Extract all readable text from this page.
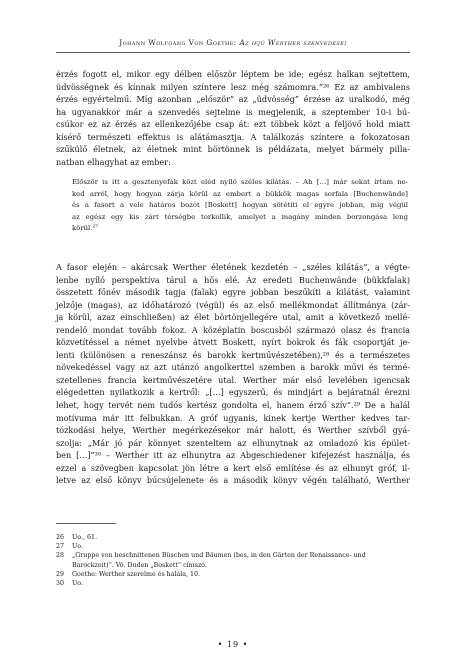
Johann Wolfgang Von Goethe: Az ifjú Werther szenvedései
érzés fogott el, mikor egy délben először léptem be ide; egész halkan sejtettem,
üdvösségnek és kínnak milyen színtere lesz még számomra.”²⁶ Ez az ambivalens
érzés egyértelmű. Míg azonban „először” az „üdvösség” érzése az uralkodó, még
ha ugyanakkor már a szenvedés sejtelme is megjelenik, a szeptember 10-i bú-
csúkor ez az érzés az ellenkezőjébe csap át: ezt többek közt a feljövő hold miatt
kísérő természeti effektus is alátámasztja. A találkozás színtere a fokozatosan
szűkülő életnek, az életnek mint börtönnek is példázata, melyet bármely pilla-
natban elhagyhat az ember:
Először is itt a gesztenyefák közt eléd nyíló széles kilátás. – Ah […] már sokat írtam ne-
ked arról, hogy hogyan zárja körül az embert a bükkök magas sorfala [Buchenwände]
és a fasort a vele határos bozót [Boskett] hogyan sötétíti el egyre jobban, míg végül
az egész egy kis zárt térségbe torkollik, amelyet a magány minden borzongása leng
körül.²⁷
A fasor elején – akárcsak Werther életének kezdetén – „széles kilátás”, a végte-
lenbe nyíló perspektíva tárul a hős elé. Az eredeti Buchenwände (bükkfalak)
összetett főnév második tagja (falak) egyre jobban beszűkíti a kilátást, valamint
jelzője (magas), az időhatározó (végül) és az első mellékmondat állítmánya (zár-
ja körül, azaz einschließen) az élet börtönjellegére utal, amit a következő mellé-
rendelő mondat tovább fokoz. A középlatin boscusból származó olasz és francia
közvetítéssel a német nyelvbe átvett Boskett, nyírt bokrok és fák csoportját je-
lenti (különösen a reneszánsz és barokk kertművészetében),²⁸ és a természetes
növekedéssel vagy az azt utánzó angolkerttel szemben a barokk művi és termé-
szetellenes francia kertművészetére utal. Werther már első levelében igencsak
elégedetten nyilatkozik a kertről: „[…] egyszerű, és mindjárt a bejáratnál érezni
lehet, hogy tervét nem tudós kertész gondolta el, hanem érző szív”.²⁹ De a halál
motívuma már itt felbukkan. A gróf ugyanis, kinek kertje Werther kedves tar-
tózkodási helye, Werther megérkezésekor már halott, és Werther szívből gyá-
szolja: „Már jó pár könnyet szenteltem az elhunytnak az omladozó kis épület-
ben […]”³⁰ – Werther itt az elhunytra az Abgeschiedener kifejezést használja, és
ezzel a szövegben kapcsolat jön létre a kert első említése és az elhunyt gróf, il-
letve az első könyv búcsújelenete és a második könyv végén található, Werther
26	Uo., 61.
27	Uo.
28	„Gruppe von beschnittenen Büschen und Bäumen (bes. in den Gärten der Renaissance- und
Barockzeit)”. Vö. Duden „Boskett” címszó.
29	Goethe: Werther szerelme és halála, 10.
30	Uo.
• 19 •
